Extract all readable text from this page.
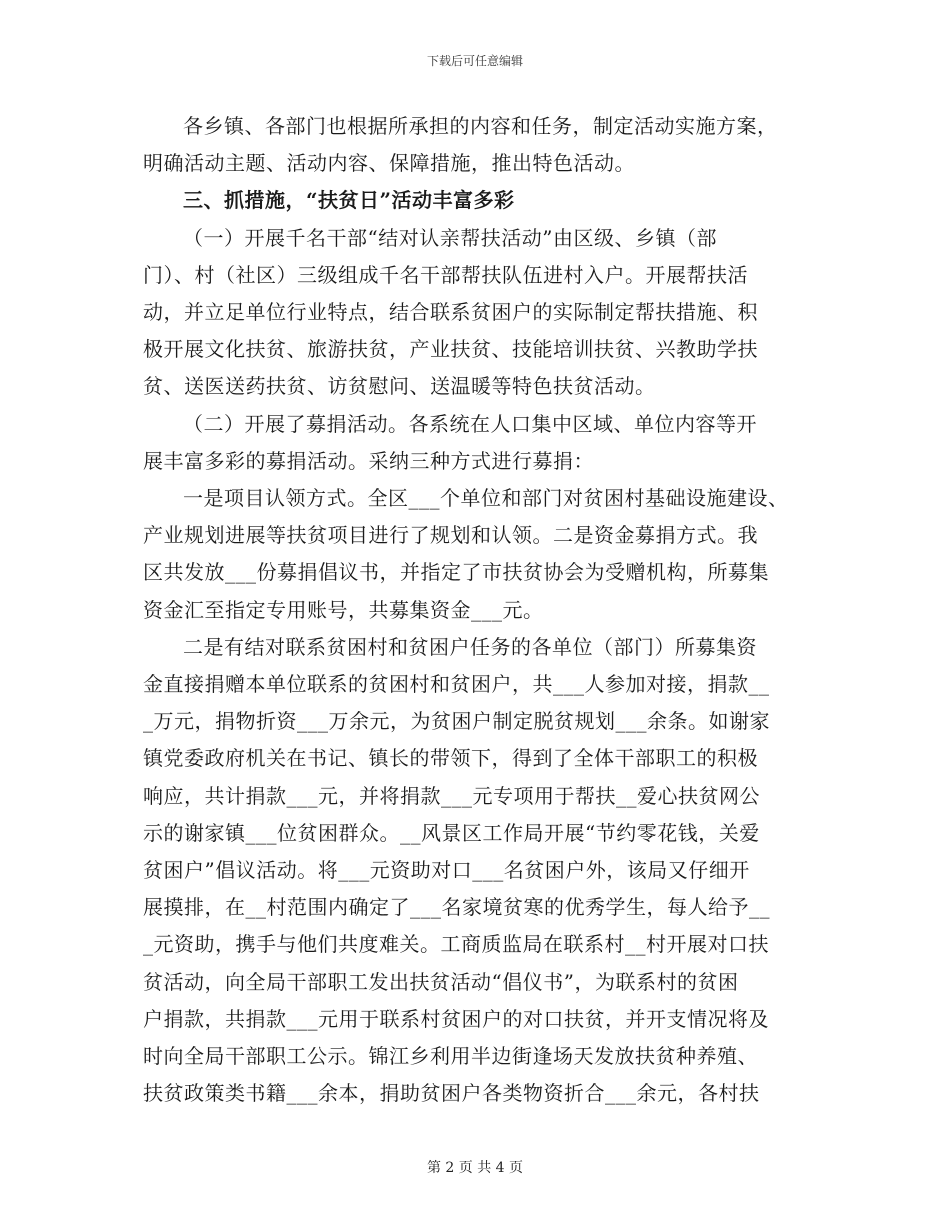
下载后可任意编辑

各乡镇、各部门也根据所承担的内容和任务，制定活动实施方案，
明确活动主题、活动内容、保障措施，推出特色活动。

三、抓措施，“扶贫日”活动丰富多彩

（一）开展千名干部“结对认亲帮扶活动”由区级、乡镇（部
门）、村（社区）三级组成千名干部帮扶队伍进村入户。开展帮扶活
动，并立足单位行业特点，结合联系贫困户的实际制定帮扶措施、积
极开展文化扶贫、旅游扶贫，产业扶贫、技能培训扶贫、兴教助学扶
贫、送医送药扶贫、访贫慰问、送温暖等特色扶贫活动。

（二）开展了募捐活动。各系统在人口集中区域、单位内容等开
展丰富多彩的募捐活动。采纳三种方式进行募捐：

一是项目认领方式。全区___个单位和部门对贫困村基础设施建设、
产业规划进展等扶贫项目进行了规划和认领。二是资金募捐方式。我
区共发放___份募捐倡议书，并指定了市扶贫协会为受赠机构，所募集
资金汇至指定专用账号，共募集资金___元。

二是有结对联系贫困村和贫困户任务的各单位（部门）所募集资
金直接捐赠本单位联系的贫困村和贫困户，共___人参加对接，捐款__
_万元，捐物折资___万余元，为贫困户制定脱贫规划___余条。如谢家
镇党委政府机关在书记、镇长的带领下，得到了全体干部职工的积极
响应，共计捐款___元，并将捐款___元专项用于帮扶__爱心扶贫网公
示的谢家镇___位贫困群众。__风景区工作局开展“节约零花钱，关爱
贫困户”倡议活动。将___元资助对口___名贫困户外，该局又仔细开
展摸排，在__村范围内确定了___名家境贫寒的优秀学生，每人给予__
_元资助，携手与他们共度难关。工商质监局在联系村__村开展对口扶
贫活动，向全局干部职工发出扶贫活动“倡仪书”，为联系村的贫困
户捐款，共捐款___元用于联系村贫困户的对口扶贫，并开支情况将及
时向全局干部职工公示。锦江乡利用半边街逢场天发放扶贫种养殖、
扶贫政策类书籍___余本，捐助贫困户各类物资折合___余元，各村扶

第 2 页 共 4 页
